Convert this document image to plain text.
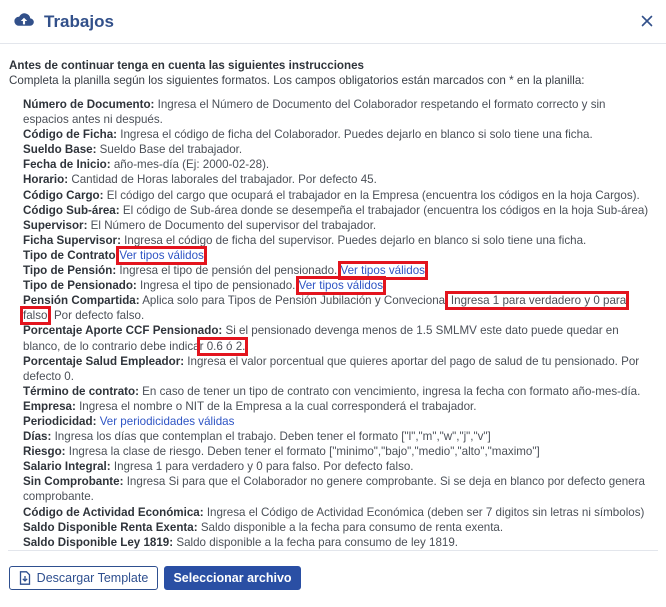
Trabajos
Antes de continuar tenga en cuenta las siguientes instrucciones
Completa la planilla según los siguientes formatos. Los campos obligatorios están marcados con * en la planilla:

Número de Documento: Ingresa el Número de Documento del Colaborador respetando el formato correcto y sin espacios antes ni después.

Código de Ficha: Ingresa el código de ficha del Colaborador. Puedes dejarlo en blanco si solo tiene una ficha.

Sueldo Base: Sueldo Base del trabajador.

Fecha de Inicio: año-mes-día (Ej: 2000-02-28).

Horario: Cantidad de Horas laborales del trabajador. Por defecto 45.

Código Cargo: El código del cargo que ocupará el trabajador en la Empresa (encuentra los códigos en la hoja Cargos).

Código Sub-área: El código de Sub-área donde se desempeña el trabajador (encuentra los códigos en la hoja Sub-área)

Supervisor: El Número de Documento del supervisor del trabajador.

Ficha Supervisor: Ingresa el código de ficha del supervisor. Puedes dejarlo en blanco si solo tiene una ficha.

Tipo de Contrato:Ver tipos válidos

Tipo de Pensión: Ingresa el tipo de pensión del pensionado. Ver tipos válidos

Tipo de Pensionado: Ingresa el tipo de pensionado. Ver tipos válidos

Pensión Compartida: Aplica solo para Tipos de Pensión Jubilación y Convecional Ingresa 1 para verdadero y 0 para falso. Por defecto falso.

Porcentaje Aporte CCF Pensionado: Si el pensionado devenga menos de 1.5 SMLMV este dato puede quedar en blanco, de lo contrario debe indicar 0.6 ó 2.

Porcentaje Salud Empleador: Ingresa el valor porcentual que quieres aportar del pago de salud de tu pensionado. Por defecto 0.

Término de contrato: En caso de tener un tipo de contrato con vencimiento, ingresa la fecha con formato año-mes-día.

Empresa: Ingresa el nombre o NIT de la Empresa a la cual corresponderá el trabajador.

Periodicidad: Ver periodicidades válidas

Días: Ingresa los días que contemplan el trabajo. Deben tener el formato ["l","m","w","j","v"]

Riesgo: Ingresa la clase de riesgo. Deben tener el formato ["minimo","bajo","medio","alto","maximo"]

Salario Integral: Ingresa 1 para verdadero y 0 para falso. Por defecto falso.

Sin Comprobante: Ingresa Si para que el Colaborador no genere comprobante. Si se deja en blanco por defecto genera comprobante.

Código de Actividad Económica: Ingresa el Código de Actividad Económica (deben ser 7 digitos sin letras ni símbolos)

Saldo Disponible Renta Exenta: Saldo disponible a la fecha para consumo de renta exenta.

Saldo Disponible Ley 1819: Saldo disponible a la fecha para consumo de ley 1819.

Descargar Template Seleccionar archivo
